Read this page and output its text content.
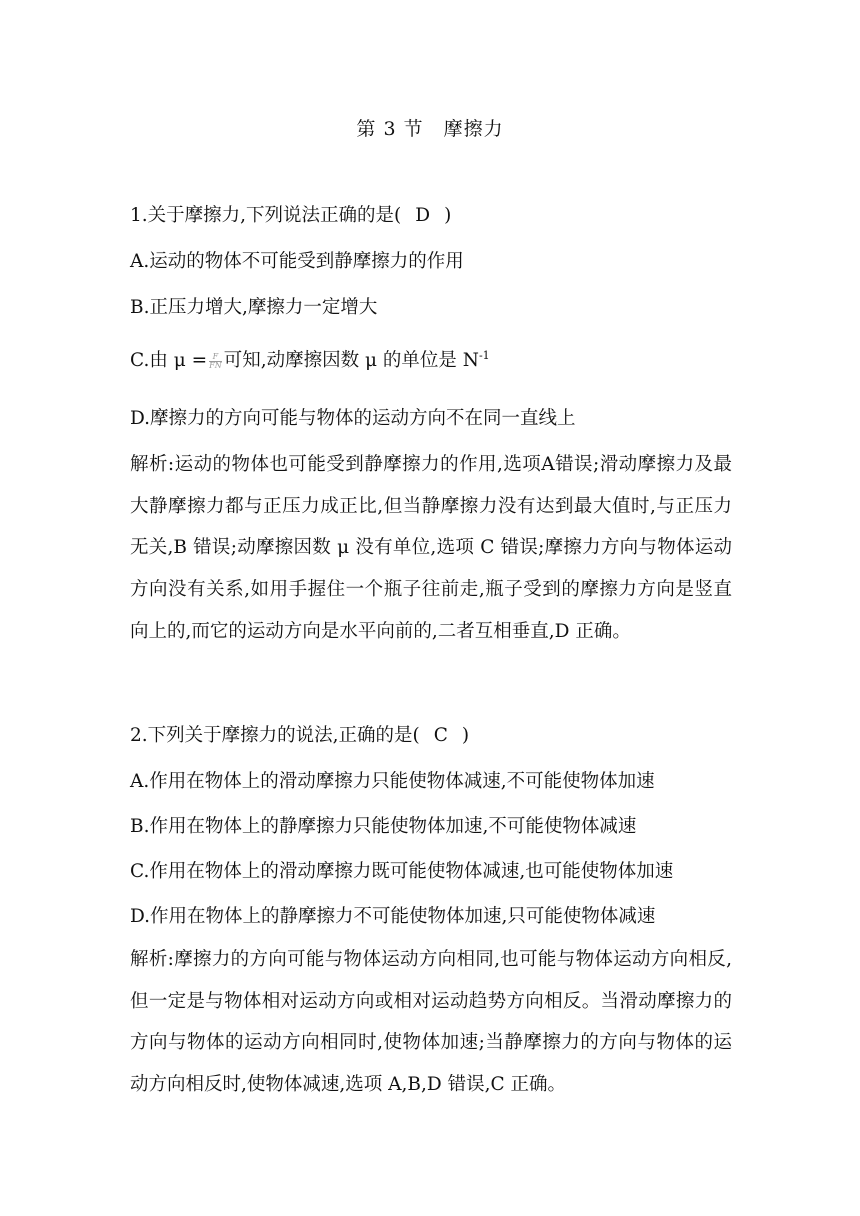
第 3 节　摩擦力
1.关于摩擦力,下列说法正确的是( D )
A.运动的物体不可能受到静摩擦力的作用
B.正压力增大,摩擦力一定增大
C.由 $\mu = \frac{F}{FN}$ 可知,动摩擦因数 μ 的单位是 $N^{-1}$
D.摩擦力的方向可能与物体的运动方向不在同一直线上
解析:运动的物体也可能受到静摩擦力的作用,选项A错误;滑动摩擦力及最大静摩擦力都与正压力成正比,但当静摩擦力没有达到最大值时,与正压力无关,B 错误;动摩擦因数 μ 没有单位,选项 C 错误;摩擦力方向与物体运动方向没有关系,如用手握住一个瓶子往前走,瓶子受到的摩擦力方向是竖直向上的,而它的运动方向是水平向前的,二者互相垂直,D 正确。
2.下列关于摩擦力的说法,正确的是( C )
A.作用在物体上的滑动摩擦力只能使物体减速,不可能使物体加速
B.作用在物体上的静摩擦力只能使物体加速,不可能使物体减速
C.作用在物体上的滑动摩擦力既可能使物体减速,也可能使物体加速
D.作用在物体上的静摩擦力不可能使物体加速,只可能使物体减速
解析:摩擦力的方向可能与物体运动方向相同,也可能与物体运动方向相反,但一定是与物体相对运动方向或相对运动趋势方向相反。当滑动摩擦力的方向与物体的运动方向相同时,使物体加速;当静摩擦力的方向与物体的运动方向相反时,使物体减速,选项 A,B,D 错误,C 正确。
